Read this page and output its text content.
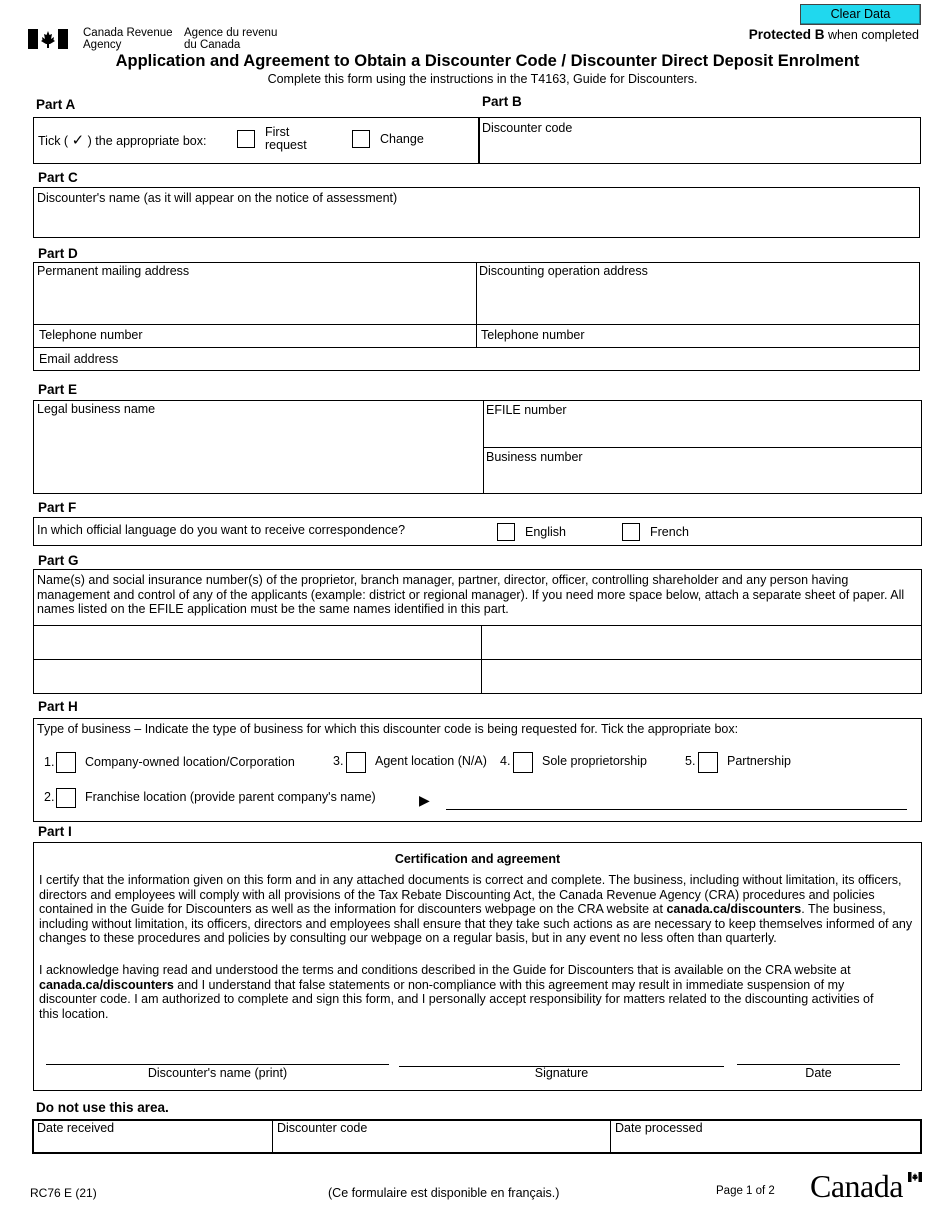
Canada Revenue
Agency
Agence du revenu
du Canada
Clear Data
Protected B when completed
Application and Agreement to Obtain a Discounter Code / Discounter Direct Deposit Enrolment
Complete this form using the instructions in the T4163, Guide for Discounters.
Part A
Tick ( ✓ ) the appropriate box:
First
request	Change
Part B
Discounter code
Part C
Discounter's name (as it will appear on the notice of assessment)
Part D
Permanent mailing address	Discounting operation address
Telephone number	Telephone number
Email address
Part E
Legal business name	EFILE number
Business number
Part F
In which official language do you want to receive correspondence?	English	French
Part G
Name(s) and social insurance number(s) of the proprietor, branch manager, partner, director, officer, controlling shareholder and any person having management and control of any of the applicants (example: district or regional manager). If you need more space below, attach a separate sheet of paper. All names listed on the EFILE application must be the same names identified in this part.
Part H
Type of business – Indicate the type of business for which this discounter code is being requested for. Tick the appropriate box:
1. Company-owned location/Corporation	3.	Agent location (N/A) 4.	Sole proprietorship	5.	Partnership
2. Franchise location (provide parent company's name)	▶
Part I
Certification and agreement
I certify that the information given on this form and in any attached documents is correct and complete. The business, including without limitation, its officers, directors and employees will comply with all provisions of the Tax Rebate Discounting Act, the Canada Revenue Agency (CRA) procedures and policies contained in the Guide for Discounters as well as the information for discounters webpage on the CRA website at canada.ca/discounters. The business, including without limitation, its officers, directors and employees shall ensure that they take such actions as are necessary to keep themselves informed of any changes to these procedures and policies by consulting our webpage on a regular basis, but in any event no less often than quarterly.
I acknowledge having read and understood the terms and conditions described in the Guide for Discounters that is available on the CRA website at canada.ca/discounters and I understand that false statements or non-compliance with this agreement may result in immediate suspension of my discounter code. I am authorized to complete and sign this form, and I personally accept responsibility for matters related to the discounting activities of this location.
Discounter's name (print)	Signature	Date
Do not use this area.
Date received	Discounter code	Date processed
RC76 E (21)	(Ce formulaire est disponible en français.)	Page 1 of 2 Canada
